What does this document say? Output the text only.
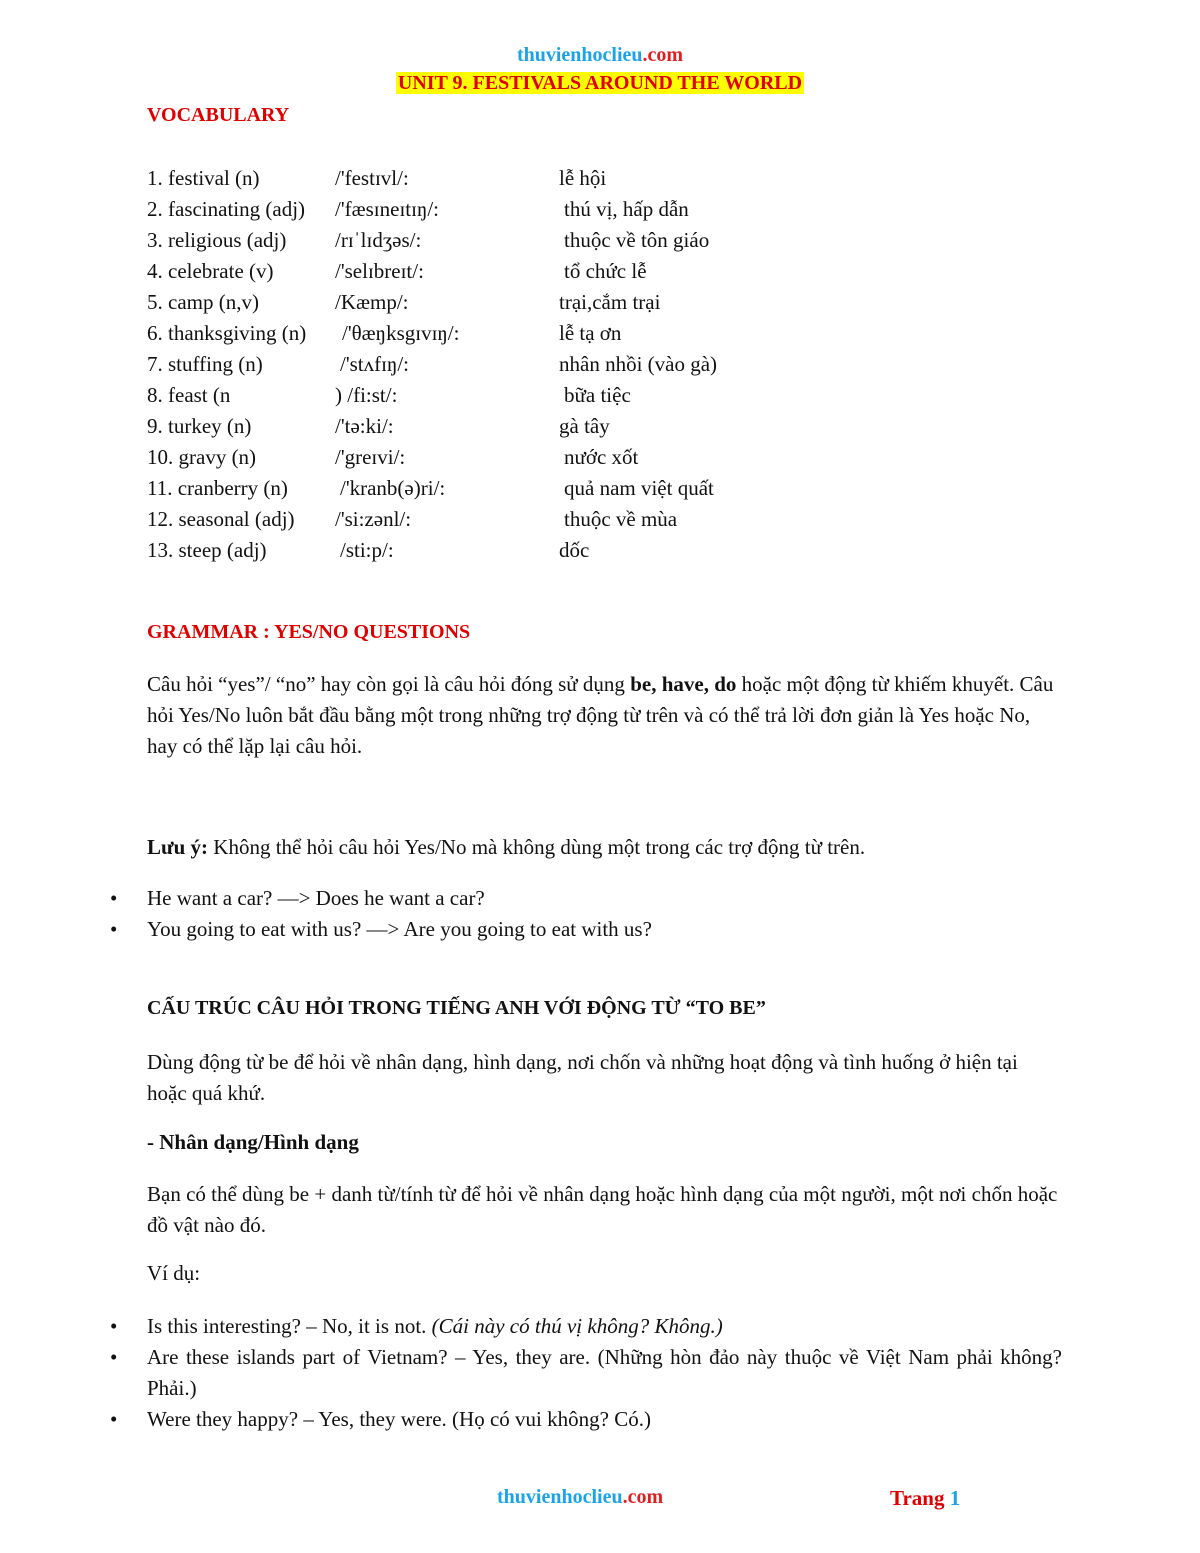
thuvienhoclieu.com
UNIT 9. FESTIVALS AROUND THE WORLD
VOCABULARY
1. festival (n)	/'festɪvl/:	lễ hội
2. fascinating (adj) /'fæsɪneɪtɪŋ/:	thú vị, hấp dẫn
3. religious (adj) /rɪˈlɪdʒəs/:	thuộc về tôn giáo
4. celebrate (v)	/'selɪbreɪt/:	tổ chức lễ
5. camp (n,v)	/Kæmp/:	trại,cắm trại
6. thanksgiving (n) /'θæŋksgɪvɪŋ/:	lễ tạ ơn
7. stuffing (n)	/'stʌfɪŋ/:	nhân nhồi (vào gà)
8. feast (n	) /fi:st/:	bữa tiệc
9. turkey (n)	/'tə:ki/:	gà tây
10. gravy (n)	/'greɪvi/:	nước xốt
11. cranberry (n) /'kranb(ə)ri/:	quả nam việt quất
12. seasonal (adj) /'si:zənl/:	thuộc về mùa
13. steep (adj)	/sti:p/:	dốc
GRAMMAR : YES/NO QUESTIONS
Câu hỏi “yes”/ “no” hay còn gọi là câu hỏi đóng sử dụng be, have, do hoặc một động từ khiếm khuyết. Câu hỏi Yes/No luôn bắt đầu bằng một trong những trợ động từ trên và có thể trả lời đơn giản là Yes hoặc No, hay có thể lặp lại câu hỏi.
Lưu ý: Không thể hỏi câu hỏi Yes/No mà không dùng một trong các trợ động từ trên.
• He want a car? —> Does he want a car?
• You going to eat with us? —> Are you going to eat with us?
CẤU TRÚC CÂU HỎI TRONG TIẾNG ANH VỚI ĐỘNG TỪ “TO BE”
Dùng động từ be để hỏi về nhân dạng, hình dạng, nơi chốn và những hoạt động và tình huống ở hiện tại hoặc quá khứ.
- Nhân dạng/Hình dạng
Bạn có thể dùng be + danh từ/tính từ để hỏi về nhân dạng hoặc hình dạng của một người, một nơi chốn hoặc đồ vật nào đó.
Ví dụ:
• Is this interesting? – No, it is not. (Cái này có thú vị không? Không.)
• Are these islands part of Vietnam? – Yes, they are. (Những hòn đảo này thuộc về Việt Nam phải không? Phải.)
• Were they happy? – Yes, they were. (Họ có vui không? Có.)
thuvienhoclieu.com	Trang 1
